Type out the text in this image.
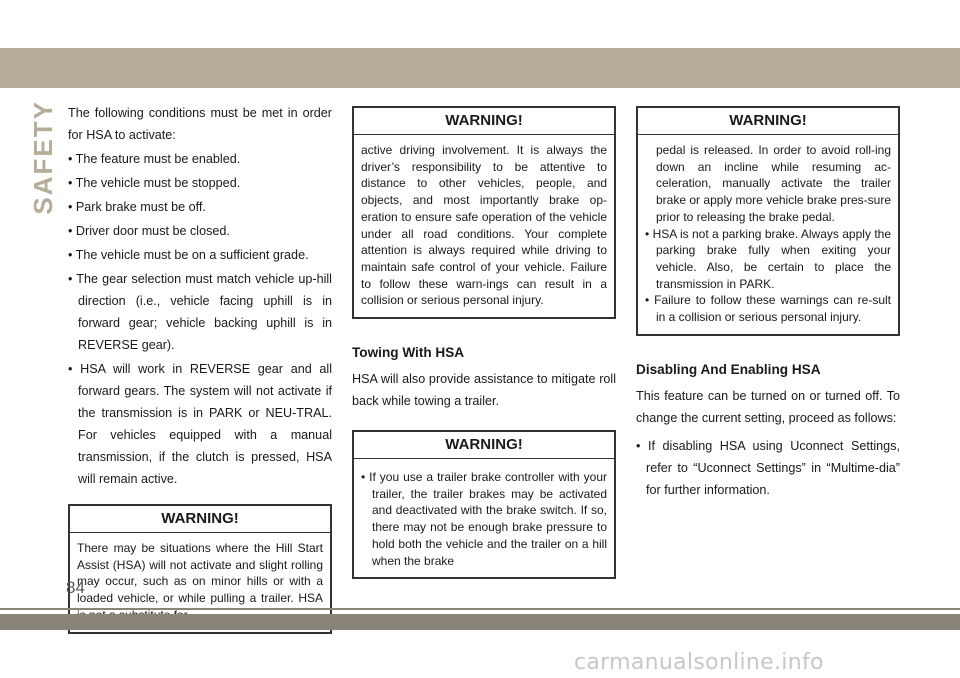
SAFETY The following conditions must be met in order for HSA to activate:

• The feature must be enabled.

• The vehicle must be stopped.

• Park brake must be off.

• Driver door must be closed.

• The vehicle must be on a sufficient grade.

• The gear selection must match vehicle up-hill direction (i.e., vehicle facing uphill is in forward gear; vehicle backing uphill is in REVERSE gear).

• HSA will work in REVERSE gear and all forward gears. The system will not activate if the transmission is in PARK or NEU-TRAL. For vehicles equipped with a manual transmission, if the clutch is pressed, HSA will remain active.

WARNING!
There may be situations where the Hill Start Assist (HSA) will not activate and slight rolling may occur, such as on minor hills or with a loaded vehicle, or while pulling a trailer. HSA
WARNING!
active driving involvement. It is always the driver’s responsibility to be attentive to distance to other vehicles, people, and objects, and most importantly brake op-eration to ensure safe operation of the vehicle under all road conditions. Your complete attention is always required while driving to maintain safe control of your vehicle. Failure to follow these warn-ings can result in a collision or serious personal injury.
Towing With HSA

HSA will also provide assistance to mitigate roll back while towing a trailer.

WARNING!

• If you use a trailer brake controller with your trailer, the trailer brakes may be activated and deactivated with the brake switch. If so, there may not be enough brake pressure to hold both the vehicle and the trailer on a hill when the brake

WARNING!

pedal is released. In order to avoid roll-ing down an incline while resuming ac-celeration, manually activate the trailer brake or apply more vehicle brake pres-sure prior to releasing the brake pedal.

• HSA is not a parking brake. Always apply the parking brake fully when exiting your vehicle. Also, be certain to place the transmission in PARK.

• Failure to follow these warnings can re-sult in a collision or serious personal injury.

Disabling And Enabling HSA

This feature can be turned on or turned off. To change the current setting, proceed as follows:

• If disabling HSA using Uconnect Settings, refer to “Uconnect Settings” in “Multime-dia” for further information.

84
carmanualsonline.info
